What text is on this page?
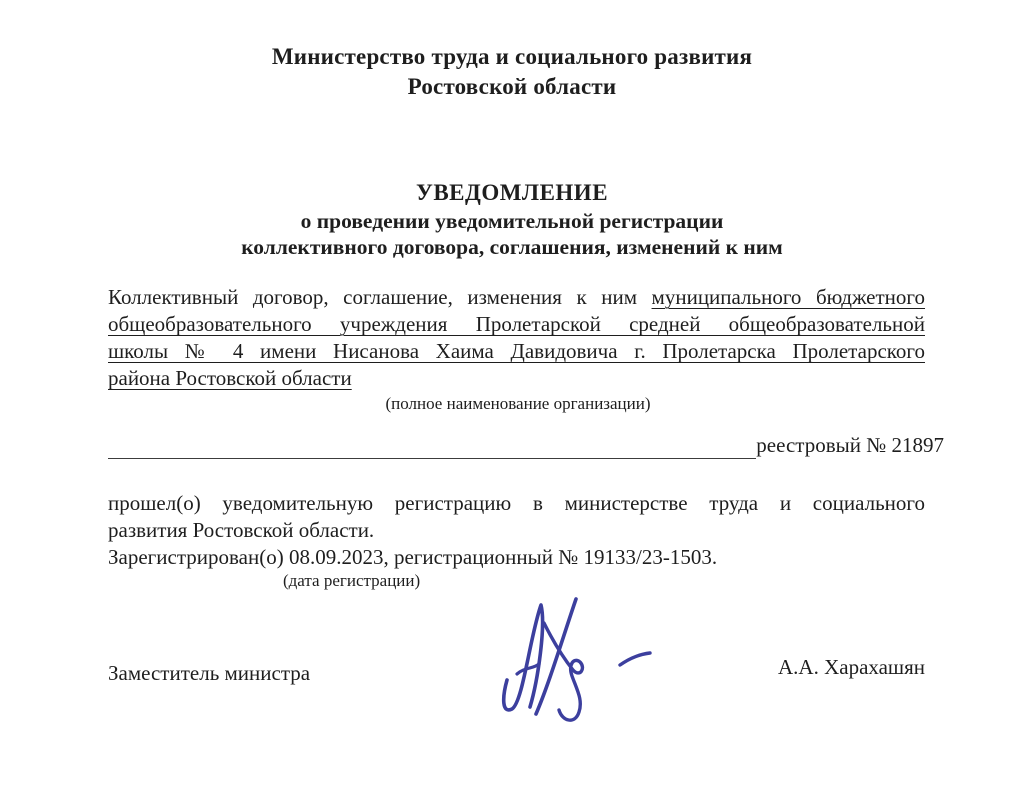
Министерство труда и социального развития
Ростовской области
УВЕДОМЛЕНИЕ
о проведении уведомительной регистрации
коллективного договора, соглашения, изменений к ним
Коллективный договор, соглашение, изменения к ним муниципального бюджетного
общеобразовательного учреждения Пролетарской средней общеобразовательной
школы № 4 имени Нисанова Хаима Давидовича г. Пролетарска Пролетарского
района Ростовской области
(полное наименование организации)
реестровый № 21897
прошел(о) уведомительную регистрацию в министерстве труда и социального
развития Ростовской области.
Зарегистрирован(о) 08.09.2023, регистрационный № 19133/23-1503.
(дата регистрации)
Заместитель министра	А.А. Харахашян
